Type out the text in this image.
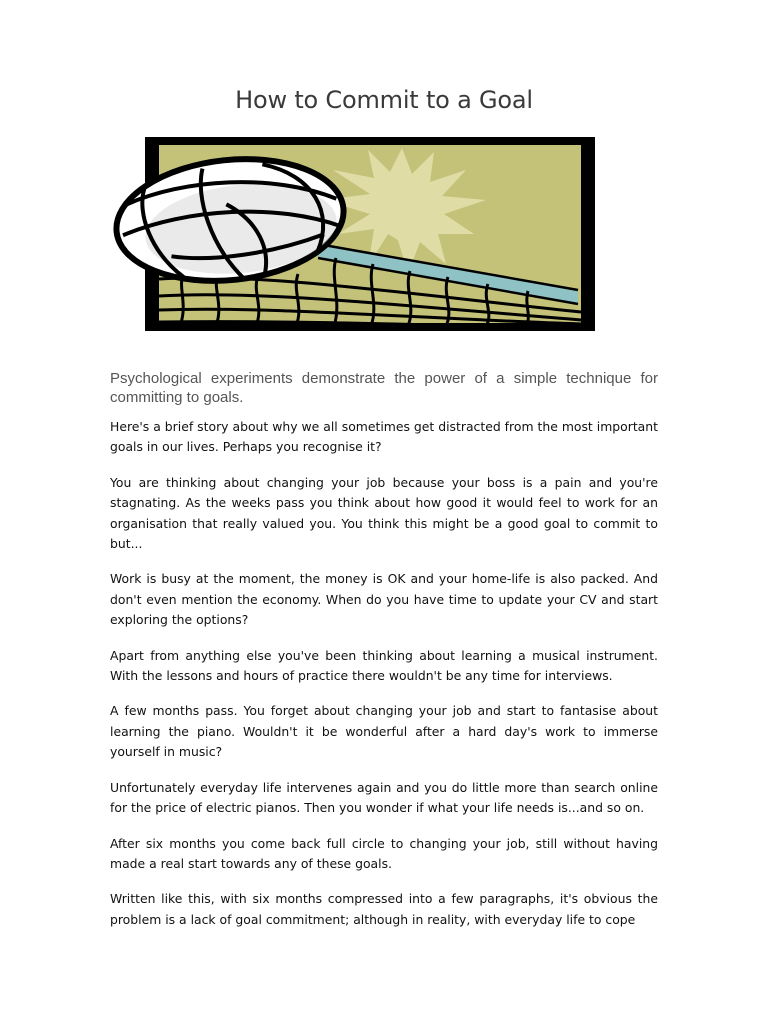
How to Commit to a Goal
Psychological experiments demonstrate the power of a simple technique for committing to goals.

Here's a brief story about why we all sometimes get distracted from the most important goals in our lives. Perhaps you recognise it?

You are thinking about changing your job because your boss is a pain and you're stagnating. As the weeks pass you think about how good it would feel to work for an organisation that really valued you. You think this might be a good goal to commit to but...

Work is busy at the moment, the money is OK and your home-life is also packed. And don't even mention the economy. When do you have time to update your CV and start exploring the options?

Apart from anything else you've been thinking about learning a musical instrument. With the lessons and hours of practice there wouldn't be any time for interviews.

A few months pass. You forget about changing your job and start to fantasise about learning the piano. Wouldn't it be wonderful after a hard day's work to immerse yourself in music?

Unfortunately everyday life intervenes again and you do little more than search online for the price of electric pianos. Then you wonder if what your life needs is...and so on.

After six months you come back full circle to changing your job, still without having made a real start towards any of these goals.

Written like this, with six months compressed into a few paragraphs, it's obvious the problem is a lack of goal commitment; although in reality, with everyday life to cope
